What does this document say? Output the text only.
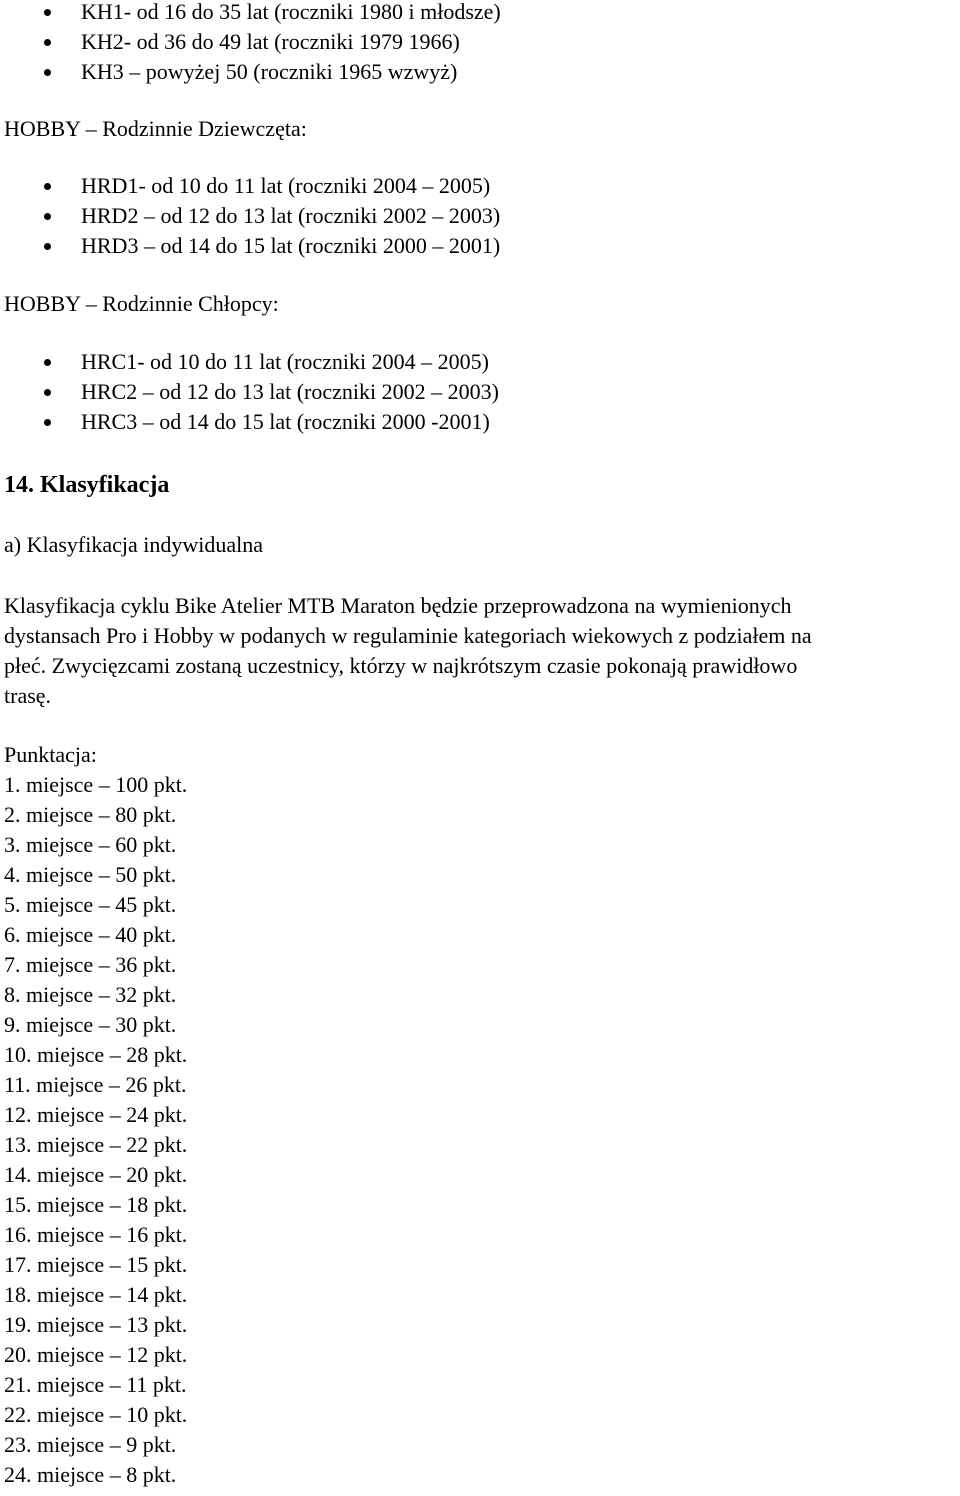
KH1- od 16 do 35 lat (roczniki 1980 i młodsze)
KH2- od 36 do 49 lat (roczniki 1979 1966)
KH3 – powyżej 50 (roczniki 1965 wzwyż)
HOBBY – Rodzinnie Dziewczęta:
HRD1- od 10 do 11 lat (roczniki 2004 – 2005)
HRD2 – od 12 do 13 lat (roczniki 2002 – 2003)
HRD3 – od 14 do 15 lat (roczniki 2000 – 2001)
HOBBY – Rodzinnie Chłopcy:
HRC1- od 10 do 11 lat (roczniki 2004 – 2005)
HRC2 – od 12 do 13 lat (roczniki 2002 – 2003)
HRC3 – od 14 do 15 lat (roczniki 2000 -2001)
14. Klasyfikacja
a) Klasyfikacja indywidualna
Klasyfikacja cyklu Bike Atelier MTB Maraton będzie przeprowadzona na wymienionych
dystansach Pro i Hobby w podanych w regulaminie kategoriach wiekowych z podziałem na
płeć. Zwycięzcami zostaną uczestnicy, którzy w najkrótszym czasie pokonają prawidłowo
trasę.
Punktacja:
1. miejsce – 100 pkt.
2. miejsce – 80 pkt.
3. miejsce – 60 pkt.
4. miejsce – 50 pkt.
5. miejsce – 45 pkt.
6. miejsce – 40 pkt.
7. miejsce – 36 pkt.
8. miejsce – 32 pkt.
9. miejsce – 30 pkt.
10. miejsce – 28 pkt.
11. miejsce – 26 pkt.
12. miejsce – 24 pkt.
13. miejsce – 22 pkt.
14. miejsce – 20 pkt.
15. miejsce – 18 pkt.
16. miejsce – 16 pkt.
17. miejsce – 15 pkt.
18. miejsce – 14 pkt.
19. miejsce – 13 pkt.
20. miejsce – 12 pkt.
21. miejsce – 11 pkt.
22. miejsce – 10 pkt.
23. miejsce – 9 pkt.
24. miejsce – 8 pkt.
